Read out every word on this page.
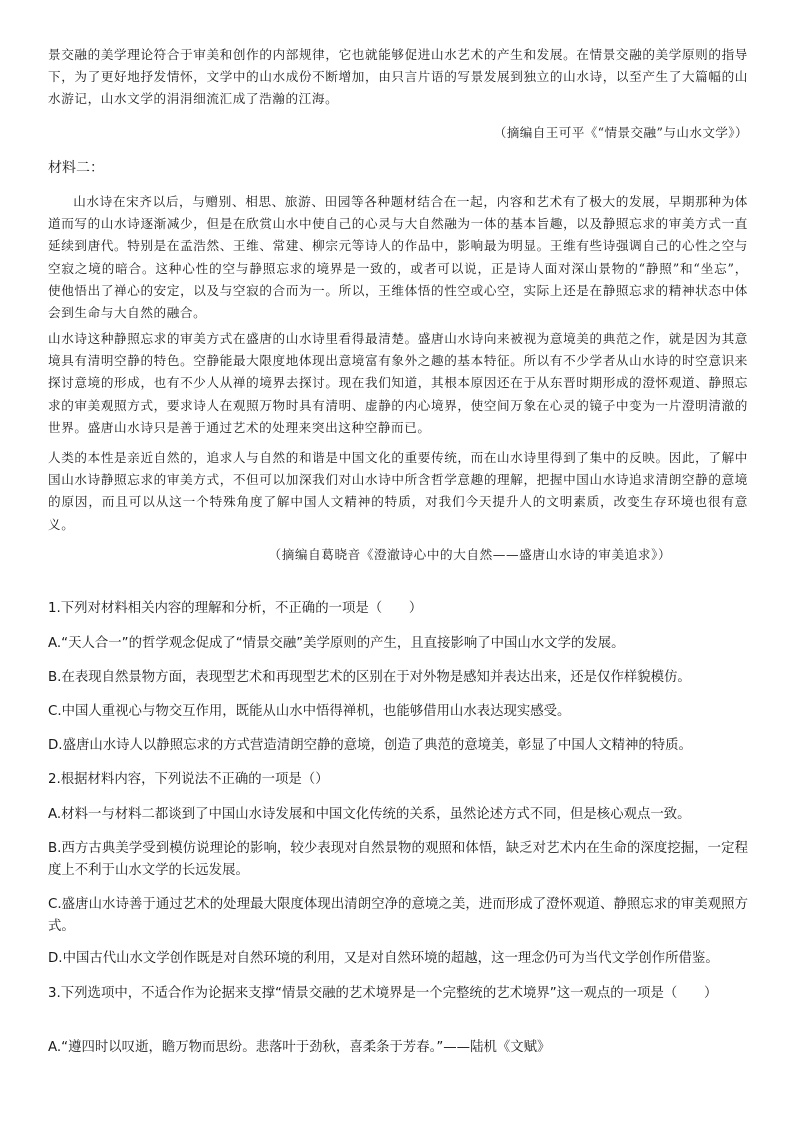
景交融的美学理论符合于审美和创作的内部规律，它也就能够促进山水艺术的产生和发展。在情景交融的美学原则的指导下，为了更好地抒发情怀，文学中的山水成份不断增加，由只言片语的写景发展到独立的山水诗，以至产生了大篇幅的山水游记，山水文学的涓涓细流汇成了浩瀚的江海。

（摘编自王可平《“情景交融”与山水文学》）

材料二：

山水诗在宋齐以后，与赠别、相思、旅游、田园等各种题材结合在一起，内容和艺术有了极大的发展，早期那种为体道而写的山水诗逐渐减少，但是在欣赏山水中使自己的心灵与大自然融为一体的基本旨趣，以及静照忘求的审美方式一直延续到唐代。特别是在孟浩然、王维、常建、柳宗元等诗人的作品中，影响最为明显。王维有些诗强调自己的心性之空与空寂之境的暗合。这种心性的空与静照忘求的境界是一致的，或者可以说，正是诗人面对深山景物的“静照”和“坐忘”，使他悟出了禅心的安定，以及与空寂的合而为一。所以，王维体悟的性空或心空，实际上还是在静照忘求的精神状态中体会到生命与大自然的融合。

山水诗这种静照忘求的审美方式在盛唐的山水诗里看得最清楚。盛唐山水诗向来被视为意境美的典范之作，就是因为其意境具有清明空静的特色。空静能最大限度地体现出意境富有象外之趣的基本特征。所以有不少学者从山水诗的时空意识来探讨意境的形成，也有不少人从禅的境界去探讨。现在我们知道，其根本原因还在于从东晋时期形成的澄怀观道、静照忘求的审美观照方式，要求诗人在观照万物时具有清明、虚静的内心境界，使空间万象在心灵的镜子中变为一片澄明清澈的世界。盛唐山水诗只是善于通过艺术的处理来突出这种空静而已。

人类的本性是亲近自然的，追求人与自然的和谐是中国文化的重要传统，而在山水诗里得到了集中的反映。因此，了解中国山水诗静照忘求的审美方式，不但可以加深我们对山水诗中所含哲学意趣的理解，把握中国山水诗追求清朗空静的意境的原因，而且可以从这一个特殊角度了解中国人文精神的特质，对我们今天提升人的文明素质，改变生存环境也很有意义。

（摘编自葛晓音《澄澈诗心中的大自然——盛唐山水诗的审美追求》）

1.下列对材料相关内容的理解和分析，不正确的一项是（　　）

A.“天人合一”的哲学观念促成了“情景交融”美学原则的产生，且直接影响了中国山水文学的发展。

B.在表现自然景物方面，表现型艺术和再现型艺术的区别在于对外物是感知并表达出来，还是仅作样貌模仿。

C.中国人重视心与物交互作用，既能从山水中悟得禅机，也能够借用山水表达现实感受。

D.盛唐山水诗人以静照忘求的方式营造清朗空静的意境，创造了典范的意境美，彰显了中国人文精神的特质。

2.根据材料内容，下列说法不正确的一项是（）

A.材料一与材料二都谈到了中国山水诗发展和中国文化传统的关系，虽然论述方式不同，但是核心观点一致。

B.西方古典美学受到模仿说理论的影响，较少表现对自然景物的观照和体悟，缺乏对艺术内在生命的深度挖掘，一定程度上不利于山水文学的长远发展。

C.盛唐山水诗善于通过艺术的处理最大限度体现出清朗空净的意境之美，进而形成了澄怀观道、静照忘求的审美观照方式。

D.中国古代山水文学创作既是对自然环境的利用，又是对自然环境的超越，这一理念仍可为当代文学创作所借鉴。

3.下列选项中，不适合作为论据来支撑“情景交融的艺术境界是一个完整统的艺术境界”这一观点的一项是（　　）

A.“遵四时以叹逝，瞻万物而思纷。悲落叶于劲秋，喜柔条于芳春。”——陆机《文赋》
